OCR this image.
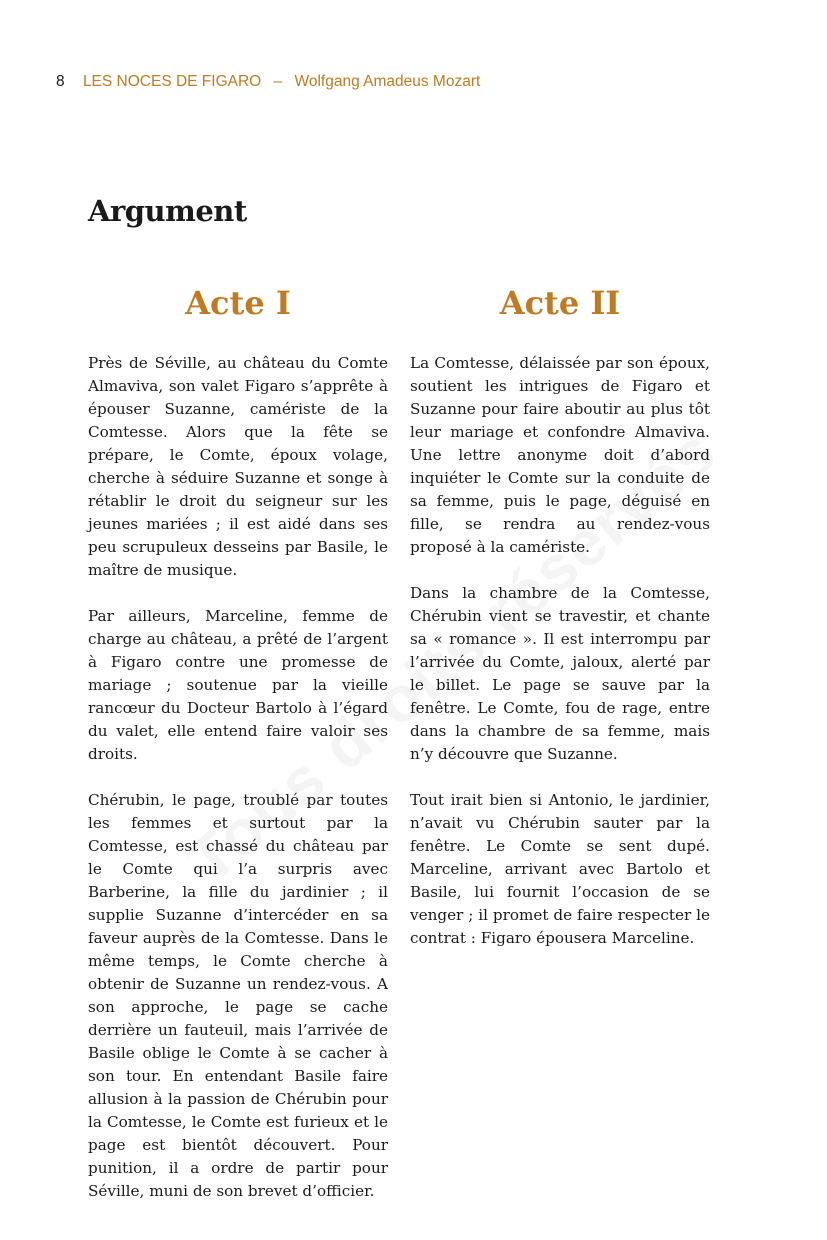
8 LES NOCES DE FIGARO – Wolfgang Amadeus Mozart
Argument
Acte I

Près de Séville, au château du Comte Almaviva, son valet Figaro s’apprête à épouser Suzanne, camériste de la Comtesse. Alors que la fête se prépare, le Comte, époux volage, cherche à séduire Suzanne et songe à rétablir le droit du seigneur sur les jeunes mariées ; il est aidé dans ses peu scrupuleux desseins par Basile, le maître de musique.

Par ailleurs, Marceline, femme de charge au château, a prêté de l’argent à Figaro contre une promesse de mariage ; soutenue par la vieille rancœur du Docteur Bartolo à l’égard du valet, elle entend faire valoir ses droits.

Chérubin, le page, troublé par toutes les femmes et surtout par la Comtesse, est chassé du château par le Comte qui l’a surpris avec Barberine, la fille du jardinier ; il supplie Suzanne d’intercéder en sa faveur auprès de la Comtesse. Dans le même temps, le Comte cherche à obtenir de Suzanne un rendez-vous. A son approche, le page se cache derrière un fauteuil, mais l’arrivée de Basile oblige le Comte à se cacher à son tour. En entendant Basile faire allusion à la passion de Chérubin pour la Comtesse, le Comte est furieux et le page est bientôt découvert. Pour punition, il a ordre de partir pour Séville, muni de son brevet d’officier.

Acte II

La Comtesse, délaissée par son époux, soutient les intrigues de Figaro et Suzanne pour faire aboutir au plus tôt leur mariage et confondre Almaviva. Une lettre anonyme doit d’abord inquiéter le Comte sur la conduite de sa femme, puis le page, déguisé en fille, se rendra au rendez-vous proposé à la camériste.

Dans la chambre de la Comtesse, Chérubin vient se travestir, et chante sa « romance ». Il est interrompu par l’arrivée du Comte, jaloux, alerté par le billet. Le page se sauve par la fenêtre. Le Comte, fou de rage, entre dans la chambre de sa femme, mais n’y découvre que Suzanne.

Tout irait bien si Antonio, le jardinier, n’avait vu Chérubin sauter par la fenêtre. Le Comte se sent dupé. Marceline, arrivant avec Bartolo et Basile, lui fournit l’occasion de se venger ; il promet de faire respecter le contrat : Figaro épousera Marceline.
